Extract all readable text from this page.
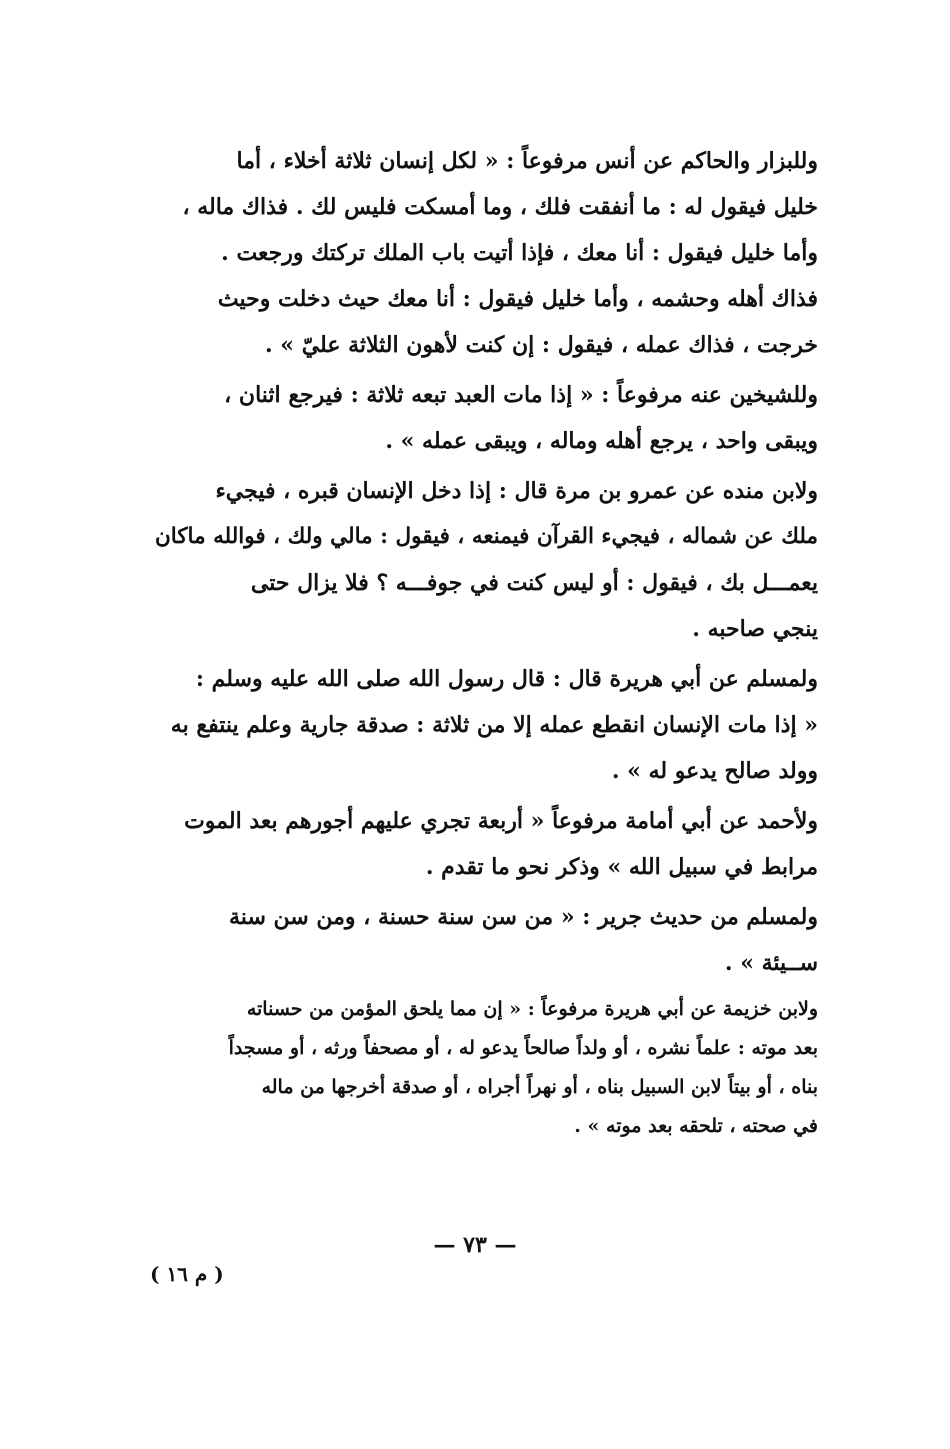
وللبزار والحاكم عن أنس مرفوعاً : « لكل إنسان ثلاثة أخلاء ، أما
خليل فيقول له : ما أنفقت فلك ، وما أمسكت فليس لك . فذاك ماله ،
وأما خليل فيقول : أنا معك ، فإذا أتيت باب الملك تركتك ورجعت .
فذاك أهله وحشمه ، وأما خليل فيقول : أنا معك حيث دخلت وحيث
خرجت ، فذاك عمله ، فيقول : إن كنت لأهون الثلاثة عليّ » .

وللشيخين عنه مرفوعاً : « إذا مات العبد تبعه ثلاثة : فيرجع اثنان ،
ويبقى واحد ، يرجع أهله وماله ، ويبقى عمله » .

ولابن منده عن عمرو بن مرة قال : إذا دخل الإنسان قبره ، فيجيء
ملك عن شماله ، فيجيء القرآن فيمنعه ، فيقول : مالي ولك ، فوالله ماكان
يعمـــل بك ، فيقول : أو ليس كنت في جوفـــه ؟ فلا يزال حتى
ينجي صاحبه .

ولمسلم عن أبي هريرة قال : قال رسول الله صلى الله عليه وسلم :
« إذا مات الإنسان انقطع عمله إلا من ثلاثة : صدقة جارية وعلم ينتفع به
وولد صالح يدعو له » .

ولأحمد عن أبي أمامة مرفوعاً « أربعة تجري عليهم أجورهم بعد الموت
مرابط في سبيل الله » وذكر نحو ما تقدم .

ولمسلم من حديث جرير : « من سن سنة حسنة ، ومن سن سنة
ســيئة » .

ولابن خزيمة عن أبي هريرة مرفوعاً : « إن مما يلحق المؤمن من حسناته
بعد موته : علماً نشره ، أو ولداً صالحاً يدعو له ، أو مصحفاً ورثه ، أو مسجداً
بناه ، أو بيتاً لابن السبيل بناه ، أو نهراً أجراه ، أو صدقة أخرجها من ماله
في صحته ، تلحقه بعد موته » .

— ٧٣ —
( م ١٦ )
